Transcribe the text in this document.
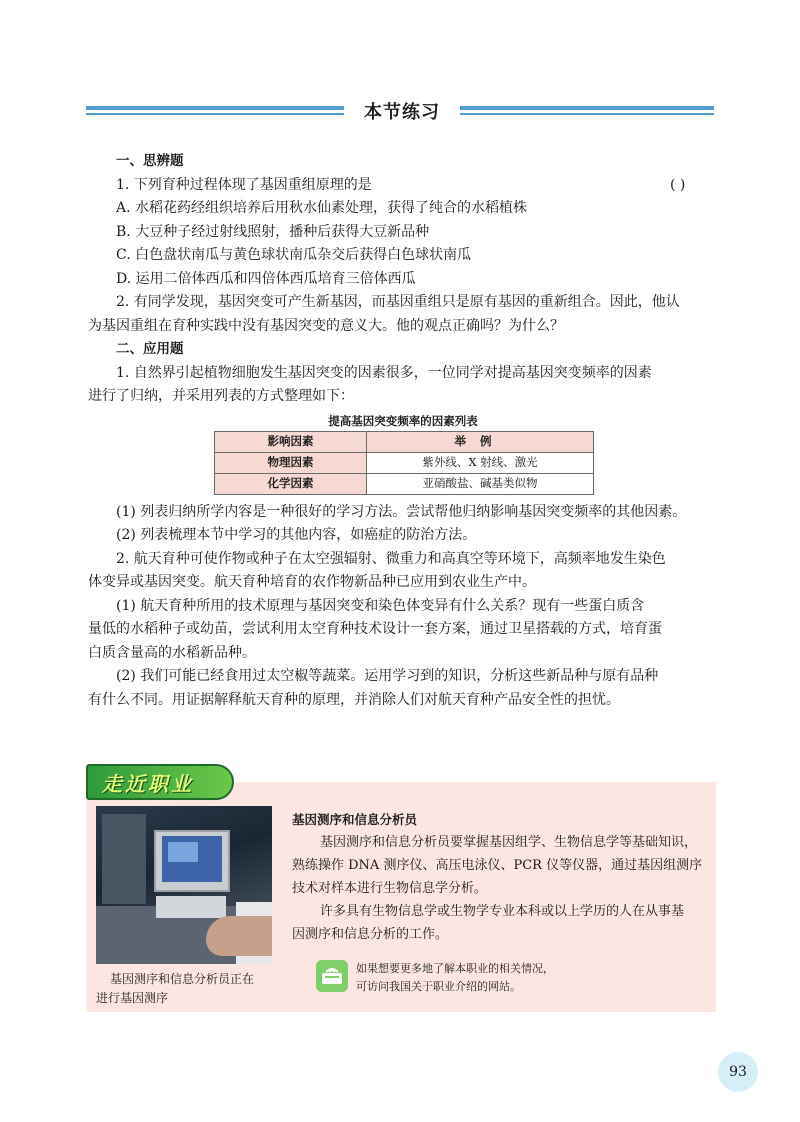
本节练习
一、思辨题
1. 下列育种过程体现了基因重组原理的是	( )
A. 水稻花药经组织培养后用秋水仙素处理，获得了纯合的水稻植株
B. 大豆种子经过射线照射，播种后获得大豆新品种
C. 白色盘状南瓜与黄色球状南瓜杂交后获得白色球状南瓜
D. 运用二倍体西瓜和四倍体西瓜培育三倍体西瓜
2. 有同学发现，基因突变可产生新基因，而基因重组只是原有基因的重新组合。因此，他认
为基因重组在育种实践中没有基因突变的意义大。他的观点正确吗？为什么？
二、应用题
1. 自然界引起植物细胞发生基因突变的因素很多，一位同学对提高基因突变频率的因素
进行了归纳，并采用列表的方式整理如下：
提高基因突变频率的因素列表
影响因素	举例
物理因素	紫外线、X 射线、激光
化学因素	亚硝酸盐、碱基类似物
(1) 列表归纳所学内容是一种很好的学习方法。尝试帮他归纳影响基因突变频率的其他因素。
(2) 列表梳理本节中学习的其他内容，如癌症的防治方法。
2. 航天育种可使作物或种子在太空强辐射、微重力和高真空等环境下，高频率地发生染色
体变异或基因突变。航天育种培育的农作物新品种已应用到农业生产中。
(1) 航天育种所用的技术原理与基因突变和染色体变异有什么关系？现有一些蛋白质含
量低的水稻种子或幼苗，尝试利用太空育种技术设计一套方案，通过卫星搭载的方式，培育蛋
白质含量高的水稻新品种。
(2) 我们可能已经食用过太空椒等蔬菜。运用学习到的知识，分析这些新品种与原有品种
有什么不同。用证据解释航天育种的原理，并消除人们对航天育种产品安全性的担忧。
走近职业
基因测序和信息分析员正在
进行基因测序
基因测序和信息分析员
基因测序和信息分析员要掌握基因组学、生物信息学等基础知识，
熟练操作 DNA 测序仪、高压电泳仪、PCR 仪等仪器，通过基因组测序
技术对样本进行生物信息学分析。
许多具有生物信息学或生物学专业本科或以上学历的人在从事基
因测序和信息分析的工作。
如果想要更多地了解本职业的相关情况，
可访问我国关于职业介绍的网站。
93
